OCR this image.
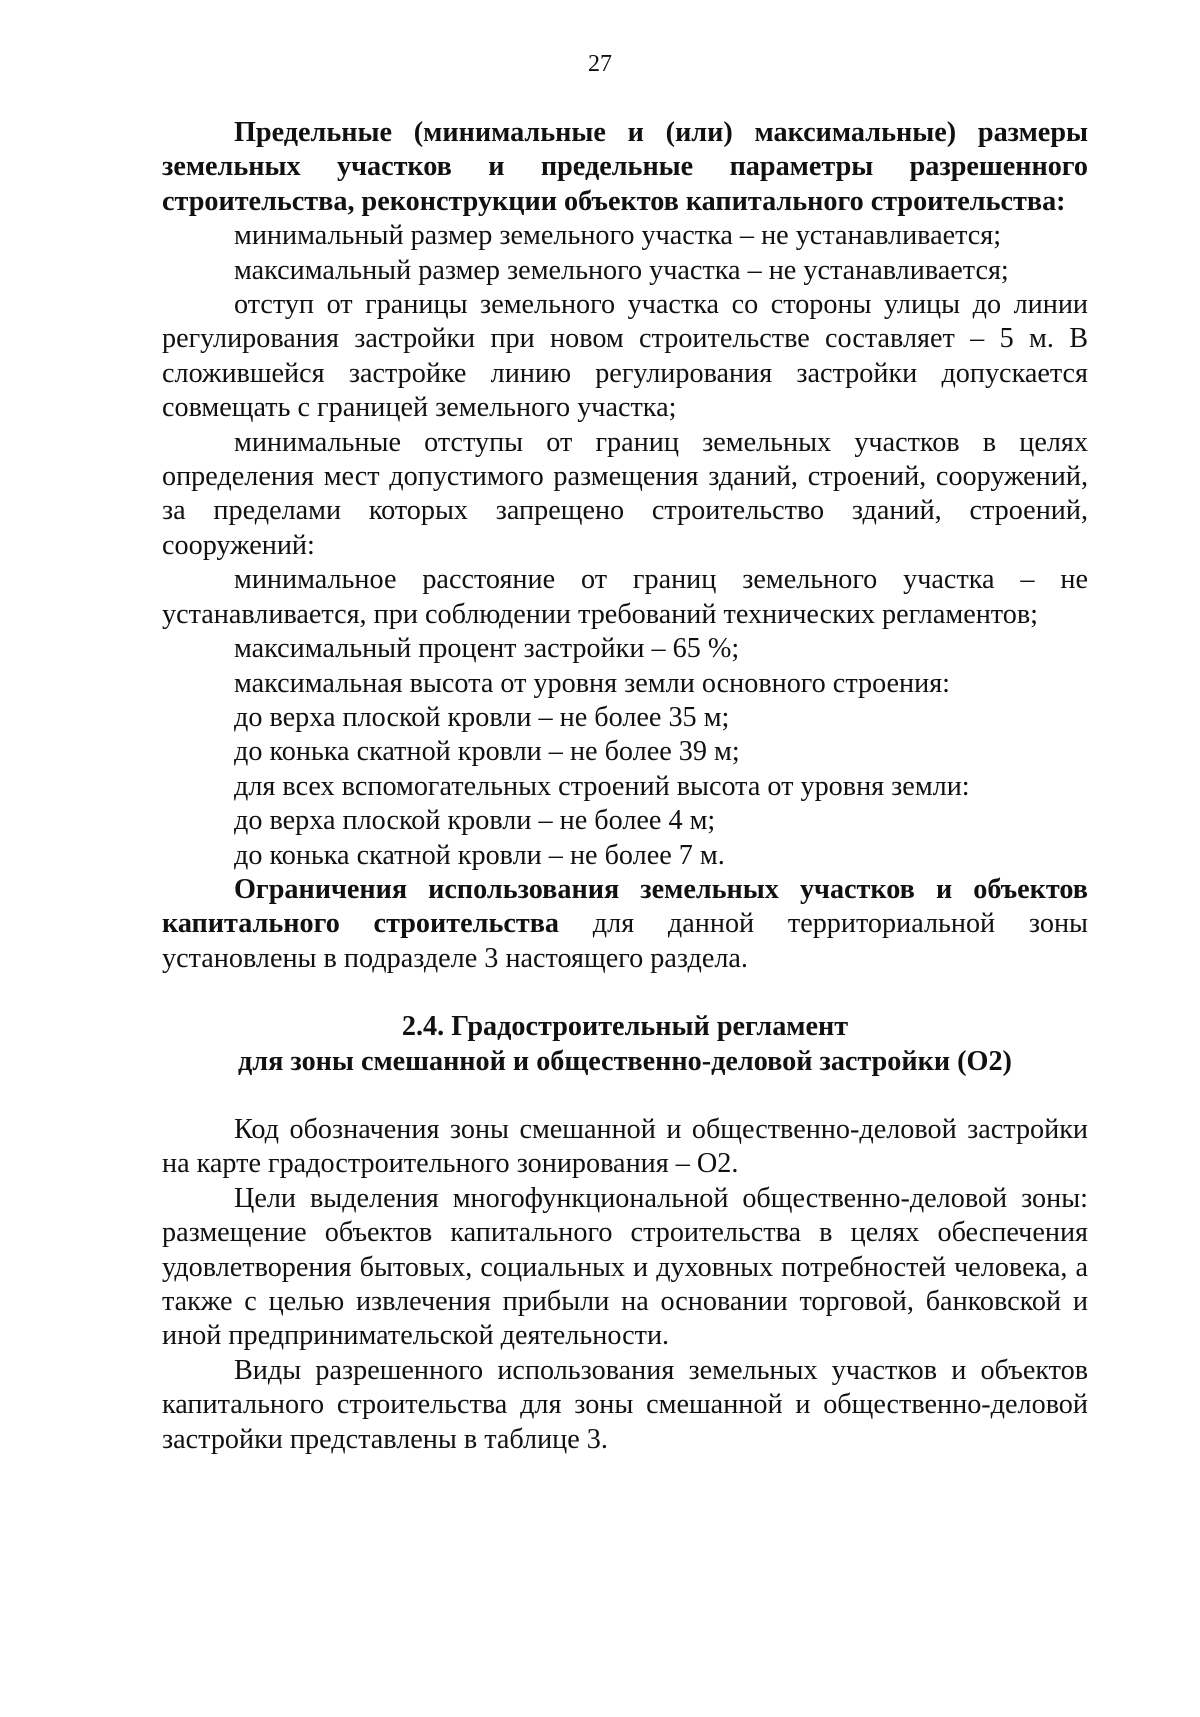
27

Предельные (минимальные и (или) максимальные) размеры земельных участков и предельные параметры разрешенного строительства, реконструкции объектов капитального строительства:

минимальный размер земельного участка – не устанавливается;

максимальный размер земельного участка – не устанавливается;

отступ от границы земельного участка со стороны улицы до линии регулирования застройки при новом строительстве составляет – 5 м. В сложившейся застройке линию регулирования застройки допускается совмещать с границей земельного участка;

минимальные отступы от границ земельных участков в целях определения мест допустимого размещения зданий, строений, сооружений, за пределами которых запрещено строительство зданий, строений, сооружений:

минимальное расстояние от границ земельного участка – не устанавливается, при соблюдении требований технических регламентов;

максимальный процент застройки – 65 %;

максимальная высота от уровня земли основного строения:

до верха плоской кровли – не более 35 м;

до конька скатной кровли – не более 39 м;

для всех вспомогательных строений высота от уровня земли:

до верха плоской кровли – не более 4 м;

до конька скатной кровли – не более 7 м.

Ограничения использования земельных участков и объектов капитального строительства для данной территориальной зоны установлены в подразделе 3 настоящего раздела.

2.4. Градостроительный регламент

для зоны смешанной и общественно-деловой застройки (О2)

Код обозначения зоны смешанной и общественно-деловой застройки на карте градостроительного зонирования – О2.

Цели выделения многофункциональной общественно-деловой зоны: размещение объектов капитального строительства в целях обеспечения удовлетворения бытовых, социальных и духовных потребностей человека, а также с целью извлечения прибыли на основании торговой, банковской и иной предпринимательской деятельности.

Виды разрешенного использования земельных участков и объектов капитального строительства для зоны смешанной и общественно-деловой застройки представлены в таблице 3.
